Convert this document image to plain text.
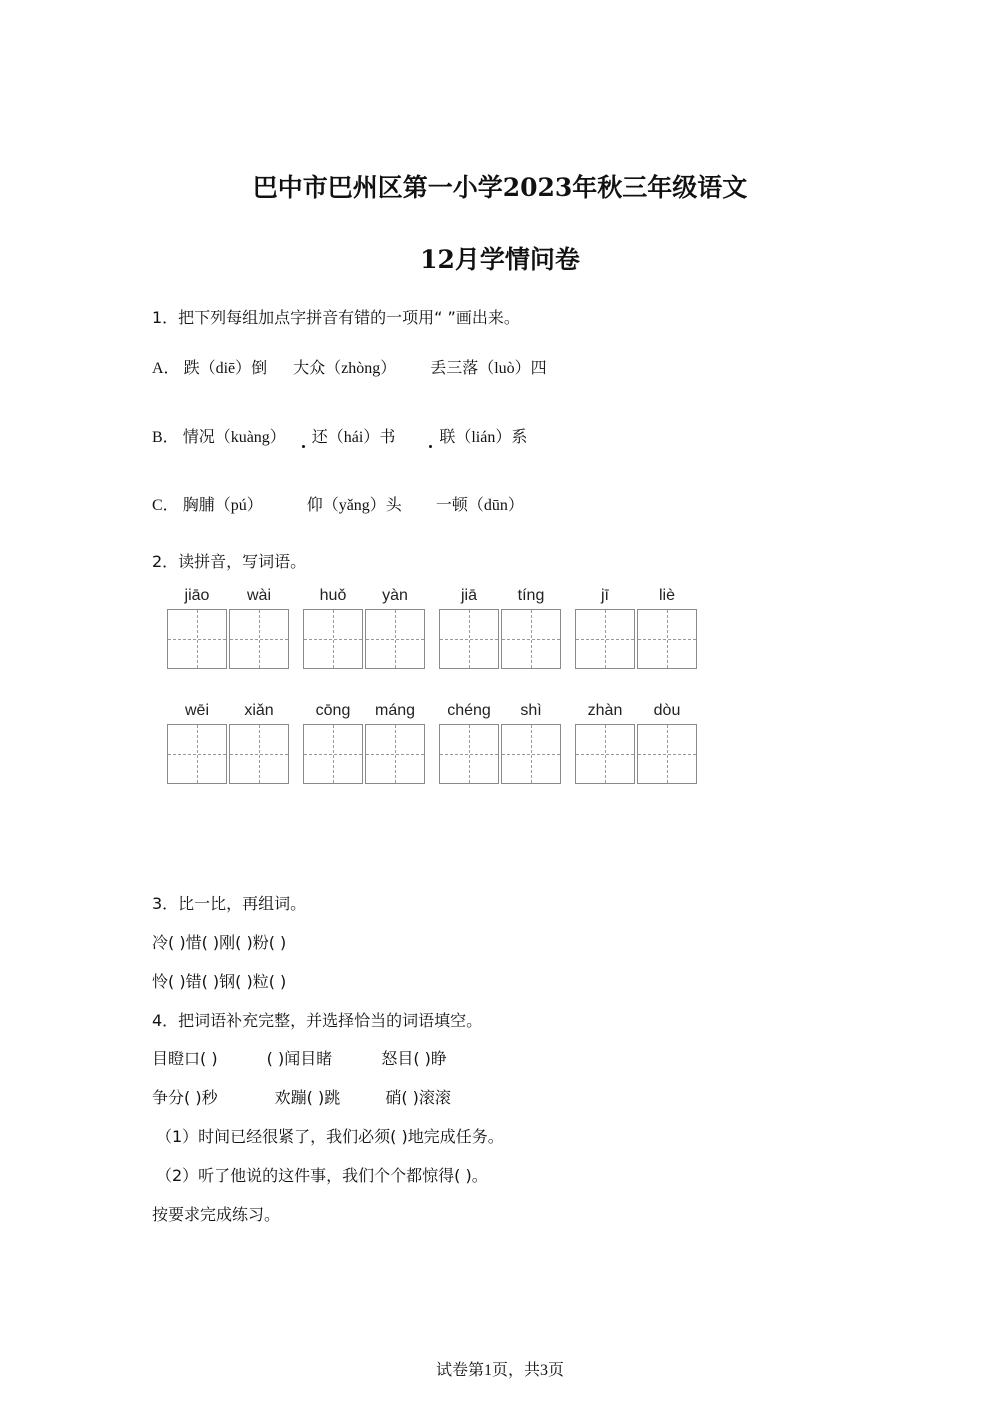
巴中市巴州区第一小学2023年秋三年级语文
12月学情问卷
1．把下列每组加点字拼音有错的一项用“ ”画出来。
A． 跌（diē）倒 大众（zhòng） 丢三落（luò）四
B． 情况（kuàng） 还（hái）书	联（lián）系
C． 胸脯（pú）	仰（yǎng）头 一顿（dūn）
2．读拼音，写词语。
jiāo	wài	huǒ	yàn	jiā	tíng	jī	liè
wēi	xiǎn	cōng	máng	chéng	shì	zhàn	dòu
3．比一比，再组词。
冷( )惜( )刚( )粉( )
怜( )错( )钢( )粒( )
4．把词语补充完整，并选择恰当的词语填空。
目瞪口( )	( )闻目睹	怒目( )睁
争分( )秒	欢蹦( )跳	硝( )滚滚
（1）时间已经很紧了，我们必须( )地完成任务。
（2）听了他说的这件事，我们个个都惊得( )。
按要求完成练习。
试卷第1页，共3页
